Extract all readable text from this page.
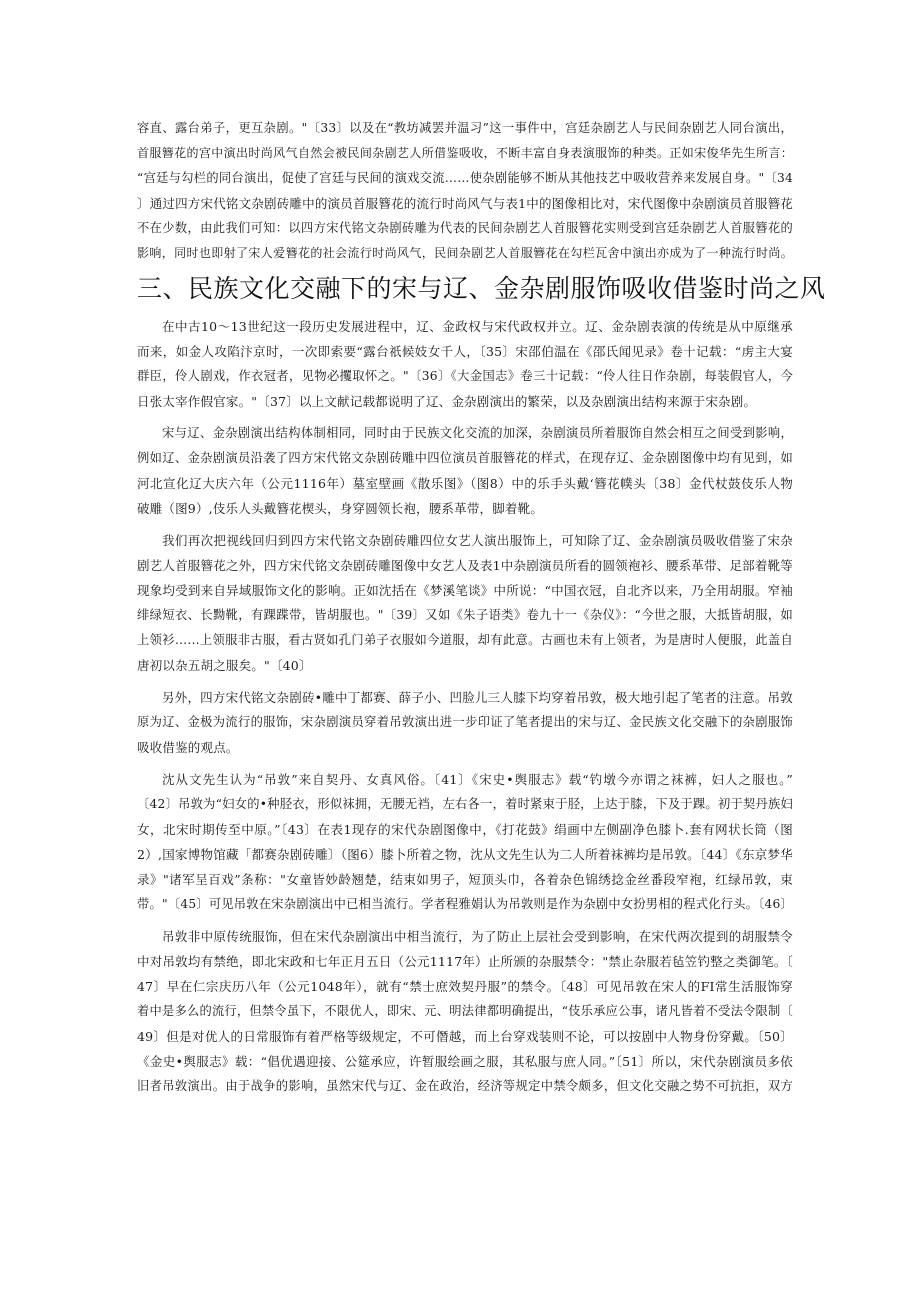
容直、露台弟子，更互杂剧。"〔33〕以及在“教坊减罢并温习”这一事件中，宫廷杂剧艺人与民间杂剧艺人同台演出，

首服簪花的宫中演出时尚风气自然会被民间杂剧艺人所借鉴吸收，不断丰富自身表演服饰的种类。正如宋俊华先生所言：

“宫廷与勾栏的同台演出，促使了宫廷与民间的演戏交流……使杂剧能够不断从其他技艺中吸收营养来发展自身。"〔34

〕通过四方宋代铭文杂剧砖雕中的演员首服簪花的流行时尚风气与表1中的图像相比对，宋代图像中杂剧演员首服簪花

不在少数，由此我们可知：以四方宋代铭文杂剧砖雕为代表的民间杂剧艺人首服簪花实则受到宫廷杂剧艺人首服簪花的

影响，同时也即射了宋人爱簪花的社会流行时尚风气，民间杂剧艺人首服簪花在勾栏瓦舍中演出亦成为了一种流行时尚。

三、民族文化交融下的宋与辽、金杂剧服饰吸收借鉴时尚之风

在中古10～13世纪这一段历史发展进程中，辽、金政权与宋代政权并立。辽、金杂剧表演的传统是从中原继承

而来，如金人攻陷汴京时，一次即索要“露台祇候妓女千人，〔35〕宋邵伯温在《邵氏闻见录》卷十记载：“虏主大宴

群臣，伶人剧戏，作衣冠者，见物必攫取怀之。"〔36〕《大金国志》卷三十记载：“伶人往日作杂剧，每装假官人，今

日张太宰作假官家。"〔37〕以上文献记载都说明了辽、金杂剧演出的繁荣，以及杂剧演出结构来源于宋杂剧。

宋与辽、金杂剧演出结构体制相同，同时由于民族文化交流的加深，杂剧演员所着服饰自然会相互之间受到影响，

例如辽、金杂剧演员沿袭了四方宋代铭文杂剧砖雕中四位演员首服簪花的样式，在现存辽、金杂剧图像中均有见到，如

河北宣化辽大庆六年（公元1116年）墓室壁画《散乐图》（图8）中的乐手头戴‘簪花幞头〔38〕金代杖鼓伎乐人物

破雕（图9）,伎乐人头戴簪花楔头，身穿圆领长袍，腰系革带，脚着靴。

我们再次把视线回归到四方宋代铭文杂剧砖雕四位女艺人演出服饰上，可知除了辽、金杂剧演员吸收借鉴了宋杂

剧艺人首服簪花之外，四方宋代铭文杂剧砖雕图像中女艺人及表1中杂剧演员所看的圆领袍衫、腰系革带、足部着靴等

现象均受到来自异域服饰文化的影响。正如沈括在《梦溪笔谈》中所说：“中国衣冠，自北齐以来，乃全用胡服。窄袖

绯绿短衣、长黝靴，有踝蹀带，皆胡服也。"〔39〕又如《朱子语类》卷九十一《杂仪》：“今世之服，大抵皆胡服，如

上领衫……上领服非古服，看古贤如孔门弟子衣服如今道服，却有此意。古画也未有上领者，为是唐时人便服，此盖自

唐初以杂五胡之服矣。"〔40〕

另外，四方宋代铭文杂剧砖•雕中丁都赛、薛子小、凹脸儿三人膝下均穿着吊敦，极大地引起了笔者的注意。吊敦

原为辽、金极为流行的服饰，宋杂剧演员穿着吊敦演出进一步印证了笔者提出的宋与辽、金民族文化交融下的杂剧服饰

吸收借鉴的观点。

沈从文先生认为“吊敦”来自契丹、女真风俗。〔41〕《宋史•舆服志》载“钓墩今亦谓之袜裤，妇人之服也。”

〔42〕吊敦为“妇女的•种胫衣，形似袜拥，无腰无裆，左右各一，着时紧束于胫，上达于膝，下及于踝。初于契丹族妇

女，北宋时期传至中原。”〔43〕在表1现存的宋代杂剧图像中，《打花鼓》绢画中左侧副净色膝卜.套有网状长筒（图

2）,国家博物馆藏「都赛杂剧砖雕〕（图6）膝卜所着之物，沈从文先生认为二人所着袜裤均是吊敦。〔44〕《东京梦华

录》"诸军呈百戏”条称："女童皆妙龄翘楚，结束如男子，短顶头巾，各着杂色锦绣捻金丝番段窄袍，红绿吊敦，束

带。"〔45〕可见吊敦在宋杂剧演出中已相当流行。学者程雅娟认为吊敦则是作为杂剧中女扮男相的程式化行头。〔46〕

吊敦非中原传统服饰，但在宋代杂剧演出中相当流行，为了防止上层社会受到影响，在宋代两次提到的胡服禁令

中对吊敦均有禁绝，即北宋政和七年正月五日（公元1117年）止所颁的杂服禁令："禁止杂服若毡笠钓整之类御笔。〔

47〕早在仁宗庆历八年（公元1048年），就有“禁士庶效契丹服”的禁令。〔48〕可见吊敦在宋人的FI常生活服饰穿

着中是多么的流行，但禁令虽下，不限优人，即宋、元、明法律都明确提出，“伎乐承应公事，诸凡皆着不受法令限制〔

49〕但是对优人的日常服饰有着严格等级规定，不可僭越，而上台穿戏装则不论，可以按剧中人物身份穿戴。〔50〕

《金史•舆服志》载：“倡优遇迎接、公筵承应，许暂服绘画之服，其私服与庶人同。”〔51〕所以，宋代杂剧演员多依

旧者吊敦演出。由于战争的影响，虽然宋代与辽、金在政治，经济等规定中禁令颇多，但文化交融之势不可抗拒，双方
